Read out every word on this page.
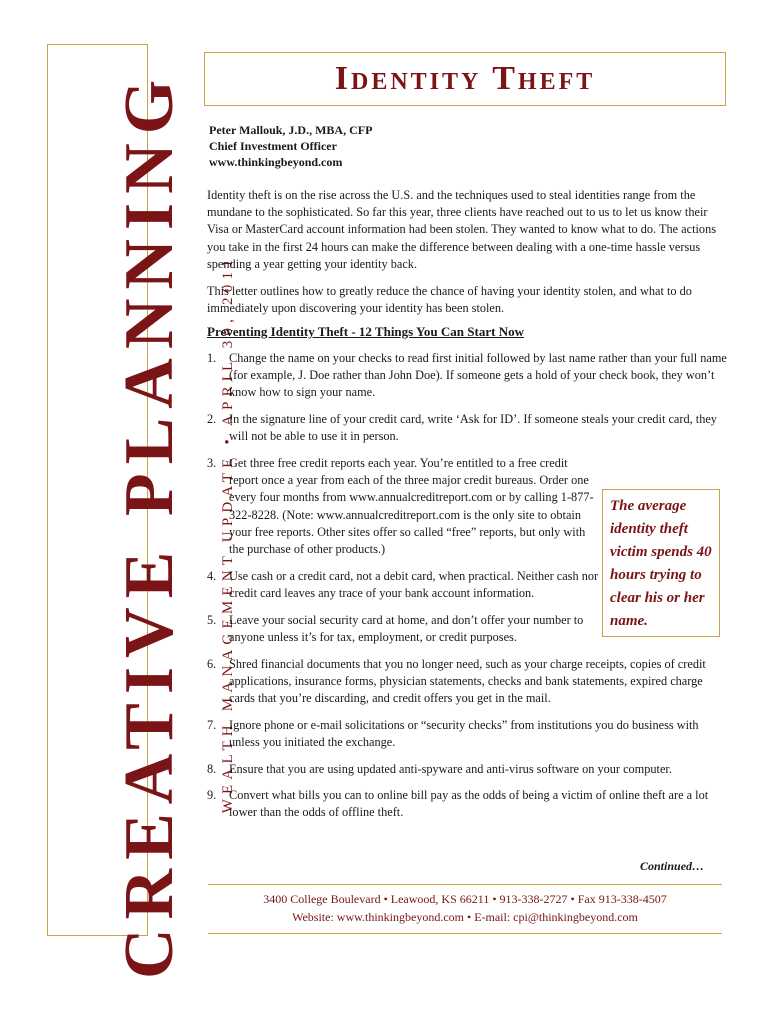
CREATIVE PLANNING	WEALTH MANAGEMENT UPDATE • APRIL 30, 2011
Identity Theft
Peter Mallouk, J.D., MBA, CFP
Chief Investment Officer
www.thinkingbeyond.com
Identity theft is on the rise across the U.S. and the techniques used to steal identities range from the mundane to the sophisticated. So far this year, three clients have reached out to us to let us know their Visa or MasterCard account information had been stolen. They wanted to know what to do. The actions you take in the first 24 hours can make the difference between dealing with a one-time hassle versus spending a year getting your identity back.
This letter outlines how to greatly reduce the chance of having your identity stolen, and what to do immediately upon discovering your identity has been stolen.
Preventing Identity Theft - 12 Things You Can Start Now
1. Change the name on your checks to read first initial followed by last name rather than your full name (for example, J. Doe rather than John Doe). If someone gets a hold of your check book, they won’t know how to sign your name.
2. In the signature line of your credit card, write ‘Ask for ID’. If someone steals your credit card, they will not be able to use it in person.
3. Get three free credit reports each year. You’re entitled to a free credit report once a year from each of the three major credit bureaus. Order one every four months from www.annualcreditreport.com or by calling 1-877-322-8228. (Note: www.annualcreditreport.com is the only site to obtain your free reports. Other sites offer so called “free” reports, but only with the purchase of other products.)
4. Use cash or a credit card, not a debit card, when practical. Neither cash nor credit card leaves any trace of your bank account information.
5. Leave your social security card at home, and don’t offer your number to anyone unless it’s for tax, employment, or credit purposes.
6. Shred financial documents that you no longer need, such as your charge receipts, copies of credit applications, insurance forms, physician statements, checks and bank statements, expired charge cards that you’re discarding, and credit offers you get in the mail.
7. Ignore phone or e-mail solicitations or “security checks” from institutions you do business with unless you initiated the exchange.
8. Ensure that you are using updated anti-spyware and anti-virus software on your computer.
9. Convert what bills you can to online bill pay as the odds of being a victim of online theft are a lot lower than the odds of offline theft.
The average identity theft victim spends 40 hours trying to clear his or her name.
Continued…
3400 College Boulevard • Leawood, KS 66211 • 913-338-2727 • Fax 913-338-4507
Website: www.thinkingbeyond.com • E-mail: cpi@thinkingbeyond.com
